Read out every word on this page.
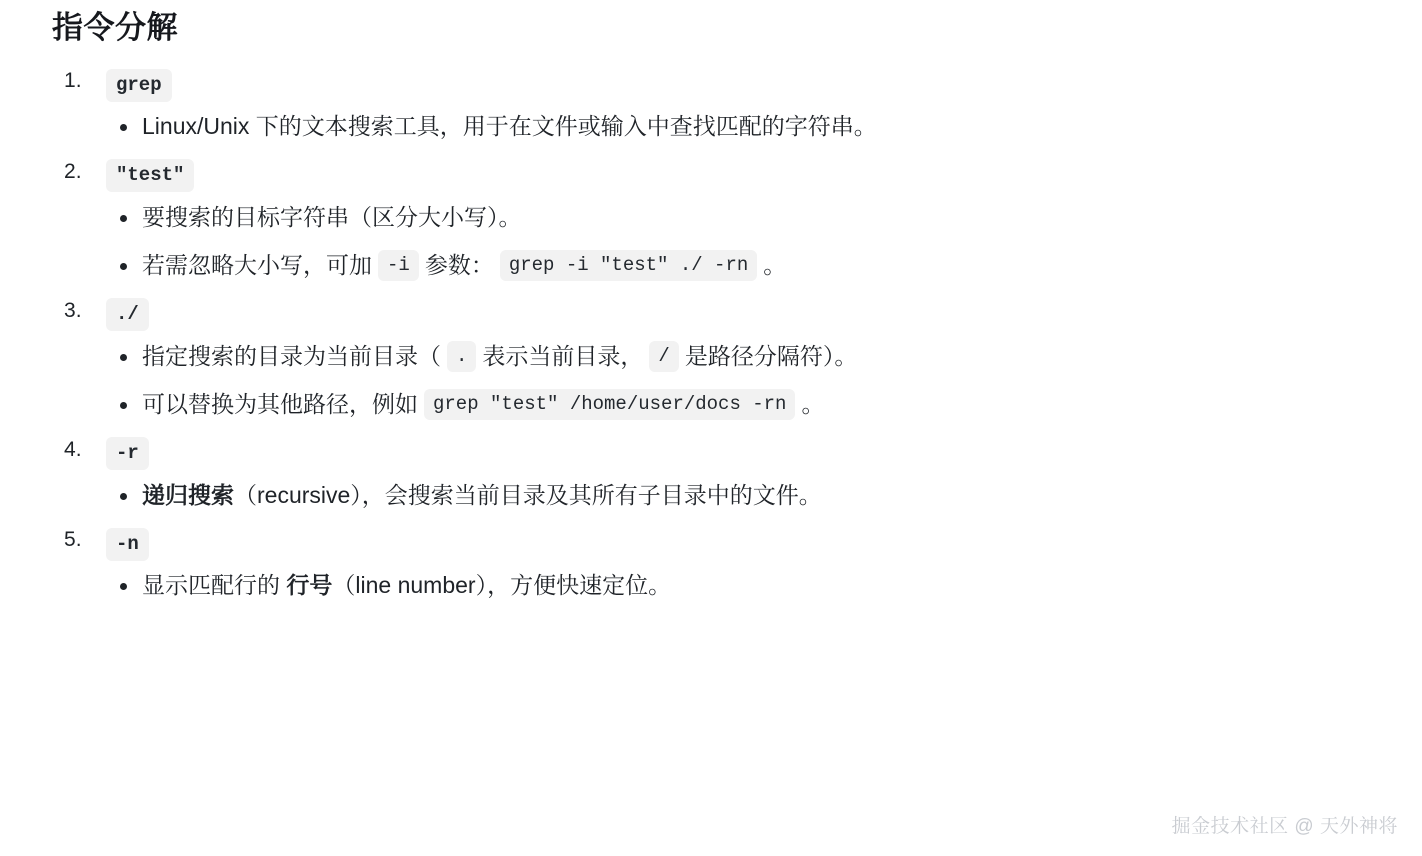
指令分解
grep
Linux/Unix 下的文本搜索工具，用于在文件或输入中查找匹配的字符串。
"test"
要搜索的目标字符串（区分大小写）。
若需忽略大小写，可加 -i 参数： grep -i "test" ./ -rn 。
./
指定搜索的目录为当前目录（ . 表示当前目录， / 是路径分隔符）。
可以替换为其他路径，例如 grep "test" /home/user/docs -rn 。
-r
递归搜索 （recursive），会搜索当前目录及其所有子目录中的文件。
-n
显示匹配行的 行号 （line number），方便快速定位。
掘金技术社区 @ 天外神将
